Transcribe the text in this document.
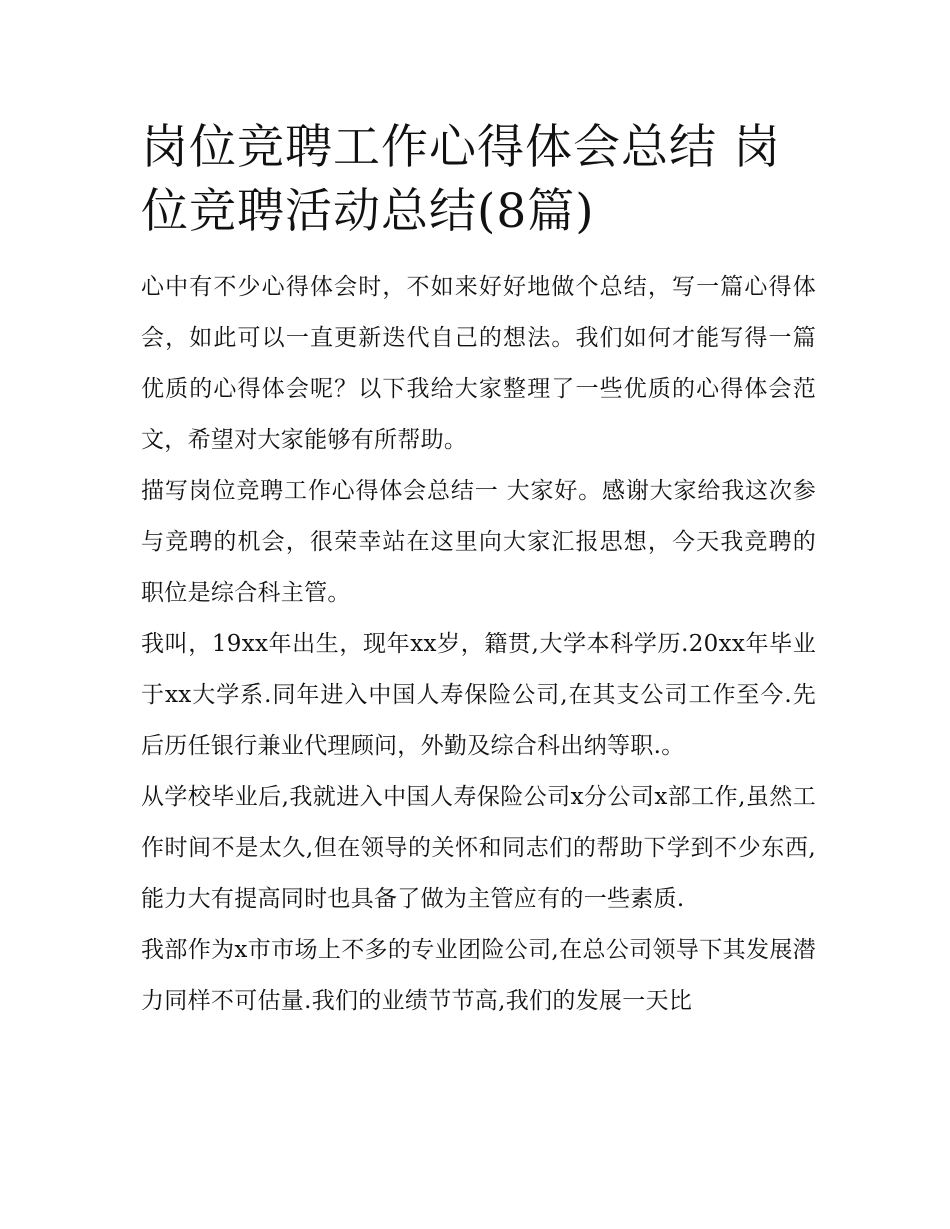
岗位竞聘工作心得体会总结 岗位竞聘活动总结(8篇)

心中有不少心得体会时，不如来好好地做个总结，写一篇心得体会，如此可以一直更新迭代自己的想法。我们如何才能写得一篇优质的心得体会呢？以下我给大家整理了一些优质的心得体会范文，希望对大家能够有所帮助。

描写岗位竞聘工作心得体会总结一 大家好。感谢大家给我这次参与竞聘的机会，很荣幸站在这里向大家汇报思想，今天我竞聘的职位是综合科主管。

我叫，19xx年出生，现年xx岁，籍贯,大学本科学历.20xx年毕业于xx大学系.同年进入中国人寿保险公司,在其支公司工作至今.先后历任银行兼业代理顾问，外勤及综合科出纳等职.。

从学校毕业后,我就进入中国人寿保险公司x分公司x部工作,虽然工作时间不是太久,但在领导的关怀和同志们的帮助下学到不少东西,能力大有提高同时也具备了做为主管应有的一些素质.

我部作为x市市场上不多的专业团险公司,在总公司领导下其发展潜力同样不可估量.我们的业绩节节高,我们的发展一天比
